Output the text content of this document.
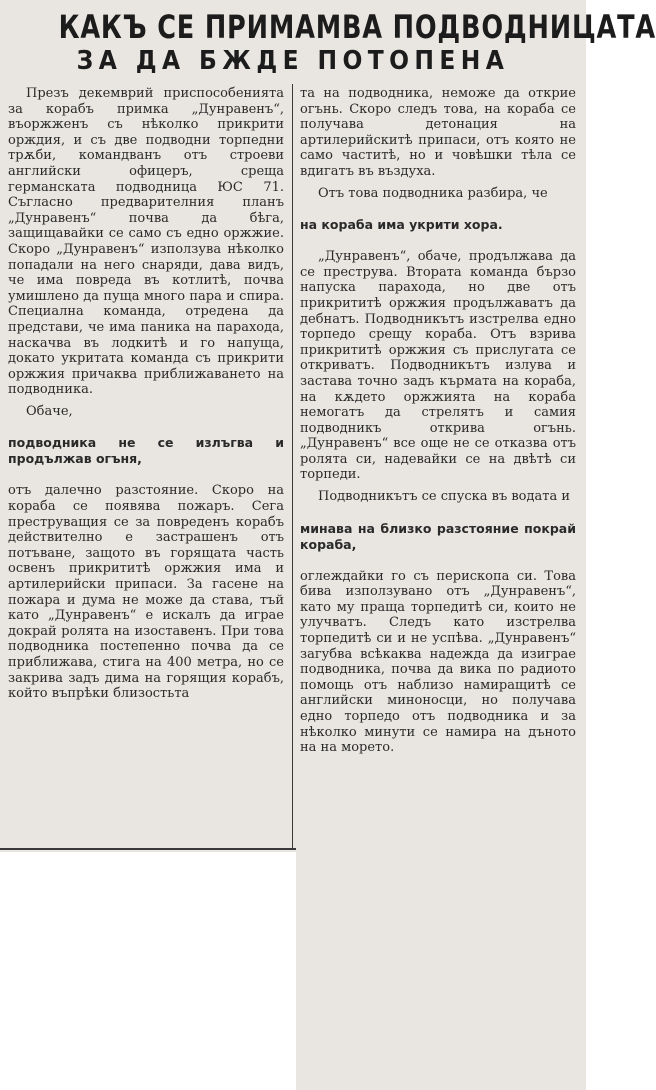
КАКЪ СЕ ПРИМАМВА ПОДВОДНИЦАТА
ЗА ДА БЖДЕ ПОТОПЕНА

Презъ декемврий приспособенията за корабъ примка „Дунравенъ“, въоржженъ съ нѣколко прикрити орждия, и съ две подводни торпедни трѫби, командванъ отъ строеви английски офицеръ, среща германската подводница ЮС 71. Съгласно предварителния планъ „Дунравенъ“ почва да бѣга, защищавайки се само съ едно оржжие. Скоро „Дунравенъ“ използува нѣколко попадали на него снаряди, дава видъ, че има повреда въ котлитѣ, почва умишлено да пуща много пара и спира. Специална команда, отредена да представи, че има паника на парахода, наскачва въ лодкитѣ и го напуща, докато укритата команда съ прикрити оржжия причаква приближаването на подводника.

Обаче,

подводника не се излъгва и продължав огъня,

отъ далечно разстояние. Скоро на кораба се появява пожаръ. Сега преструващия се за повреденъ корабъ действително е застрашенъ отъ потъване, защото въ горящата часть освенъ прикрититѣ оржжия има и артилерийски припаси. За гасене на пожара и дума не може да става, тъй като „Дунравенъ“ е искалъ да играе докрай ролята на изоставенъ. При това подводника постепенно почва да се приближава, стига на 400 метра, но се закрива задъ дима на горящия корабъ, който въпрѣки близостьта

та на подводника, неможе да открие огънь. Скоро следъ това, на кораба се получава детонация на артилерийскитѣ припаси, отъ която не само частитѣ, но и човѣшки тѣла се вдигатъ въ въздуха.

Отъ това подводника разбира, че

на кораба има укрити хора.

„Дунравенъ“, обаче, продължава да се преструва. Втората команда бързо напуска парахода, но две отъ прикрититѣ оржжия продължаватъ да дебнатъ. Подводникътъ изстрелва едно торпедо срещу кораба. Отъ взрива прикрититѣ оржжия съ прислугата се откриватъ. Подводникътъ излува и застава точно задъ кърмата на кораба, на кѫдето оржжията на кораба немогатъ да стрелятъ и самия подводникъ открива огънь. „Дунравенъ“ все още не се отказва отъ ролята си, надевайки се на двѣтѣ си торпеди.

Подводникътъ се спуска въ водата и

минава на близко разстояние покрай кораба,

оглеждайки го съ перископа си. Това бива използувано отъ „Дунравенъ“, като му праща торпедитѣ си, които не улучватъ. Следъ като изстрелва торпедитѣ си и не успѣва. „Дунравенъ“ загубва всѣкаква надежда да изиграе подводника, почва да вика по радиото помощь отъ наблизо намиращитѣ се английски миноносци, но получава едно торпедо отъ подводника и за нѣколко минути се намира на дъното на на морето.
